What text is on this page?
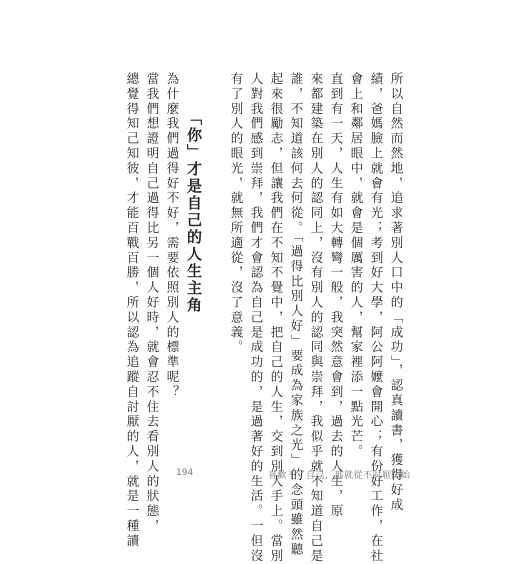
所以自然而然地，追求著別人口中的「成功」，認真讀書，獲得好成
績，爸媽臉上就會有光；考到好大學，阿公阿嬤會開心；有份好工作，在社
會上和鄰居眼中，就會是個厲害的人，幫家裡添一點光芒。
直到有一天，人生有如大轉彎一般，我突然意會到，過去的人生，原
來都建築在別人的認同上，沒有別人的認同與崇拜，我似乎就不知道自己是
誰，不知道該何去何從。「過得比別人好」要成為家族之光」的念頭雖然聽
起來很勵志，但讓我們在不知不覺中，把自己的人生，交到別人手上。當別
人對我們感到崇拜，我們才會認為自己是成功的，是過著好的生活。一但沒
有了別人的眼光，就無所適從，沒了意義。
「你」才是自己的人生主角
為什麼我們過得好不好，需要依照別人的標準呢？
當我們想證明自己過得比另一個人好時，就會忍不住去看別人的狀態，
總覺得知己知彼，才能百戰百勝，所以認為追蹤自討厭的人，就是一種讀	194	喜歡不了自己，那就從不討厭開始
